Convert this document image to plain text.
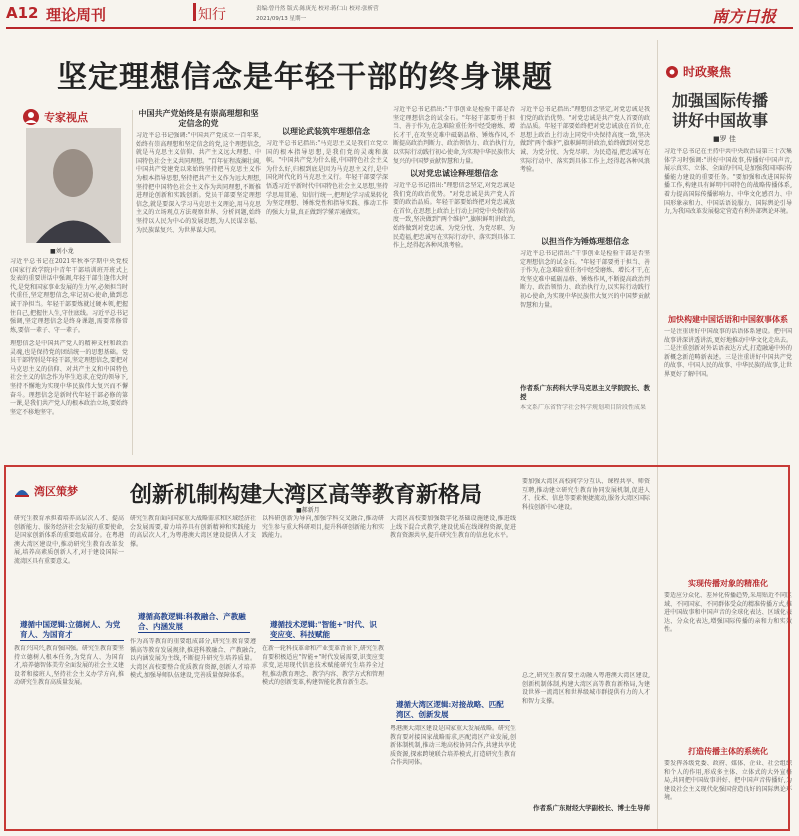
A12 理论周刊	知行	责编:曾丹然 版式:陈庚光 校对:蒋仁山 校对:张析营
2021/09/13 星期一	南方日报
坚定理想信念是年轻干部的终身课题
专家视点
■刘小龙
习近平总书记在2021年秋季学期中央党校(国家行政学院)中青年干部培训班开班式上发表的重要讲话中强调,年轻干部生逢伟大时代,是党和国家事业发展的生力军,必须担当时代重任,坚定理想信念,牢记初心使命,做到忠诚干净担当。年轻干部要炼就过硬本领,把握住自己,把握住人生,守住底线。习近平总书记强调,坚定理想信念是终身课题,需要常修常炼,要信一辈子、守一辈子。
理想信念是中国共产党人的精神支柱和政治灵魂,也是保持党的团结统一的思想基础。党员干部特别是年轻干部,坚定理想信念,要把对马克思主义的信仰、对共产主义和中国特色社会主义的信念作为毕生追求,在党的领导下,坚持不懈地为实现中华民族伟大复兴而不懈奋斗。理想信念是新时代年轻干部必修的第一课,是我们共产党人的根本政治立场,要始终坚定不移地坚守。
中国共产党始终是有崇高理想和坚定信念的党
习近平总书记强调:"中国共产党成立一百年来,始终有崇高理想和坚定信念的党,这个理想信念,就是马克思主义信仰、共产主义远大理想、中国特色社会主义共同理想。"百年征程波澜壮阔,中国共产党建党以来始终坚持把马克思主义作为根本指导思想,坚持把共产主义作为远大理想,坚持把中国特色社会主义作为共同理想,不断推进理论创新和实践创新。党员干部要坚定理想信念,就是要深入学习马克思主义理论,用马克思主义的立场观点方法观察世界、分析问题,始终坚持以人民为中心的发展思想,为人民谋幸福、为民族谋复兴、为世界谋大同。
以理论武装筑牢理想信念
习近平总书记指出:"马克思主义是我们立党立国的根本指导思想,是我们党的灵魂和旗帜。"中国共产党为什么能,中国特色社会主义为什么好,归根到底是因为马克思主义行,是中国化时代化的马克思主义行。年轻干部要学深悟透习近平新时代中国特色社会主义思想,坚持学思用贯通、知信行统一,把理论学习成果转化为坚定理想、锤炼党性和指导实践、推动工作的强大力量,真正做到学懂弄通做实。
以对党忠诚诠释理想信念
习近平总书记指出:"干事创业是检验干部是否坚定理想信念的试金石。"年轻干部要勇于担当、善于作为,在急难险重任务中经受磨炼、增长才干,在攻坚克难中砥砺品格、锤炼作风,不断提高政治判断力、政治领悟力、政治执行力,以实际行动践行初心使命,为实现中华民族伟大复兴的中国梦贡献智慧和力量。
习近平总书记指出:"理想信念坚定,对党忠诚是我们党的政治优势。"对党忠诚是共产党人首要的政治品质。年轻干部要始终把对党忠诚放在首位,在思想上政治上行动上同党中央保持高度一致,坚决做到"两个维护",旗帜鲜明讲政治,始终做到对党忠诚、为党分忧、为党尽职、为民造福,把忠诚写在实际行动中、落实到具体工作上,经得起各种风浪考验。	以担当作为锤炼理想信念
习近平总书记指出:"理想信念坚定,对党忠诚是我们党的政治优势。"对党忠诚是共产党人首要的政治品质。年轻干部要始终把对党忠诚放在首位,在思想上政治上行动上同党中央保持高度一致,坚决做到"两个维护",旗帜鲜明讲政治,始终做到对党忠诚、为党分忧、为党尽职、为民造福,把忠诚写在实际行动中、落实到具体工作上,经得起各种风浪考验。
习近平总书记指出:"干事创业是检验干部是否坚定理想信念的试金石。"年轻干部要勇于担当、善于作为,在急难险重任务中经受磨炼、增长才干,在攻坚克难中砥砺品格、锤炼作风,不断提高政治判断力、政治领悟力、政治执行力,以实际行动践行初心使命,为实现中华民族伟大复兴的中国梦贡献智慧和力量。
作者系广东药科大学马克思主义学院院长、教授
本文系广东省哲学社会科学规划项目阶段性成果
时政聚焦
加强国际传播
讲好中国故事
■罗 佳
习近平总书记在主持中共中央政治局第三十次集体学习时强调:"讲好中国故事,传播好中国声音,展示真实、立体、全面的中国,是加强我国国际传播能力建设的重要任务。"要加强和改进国际传播工作,构建具有鲜明中国特色的战略传播体系,着力提高国际传播影响力、中华文化感召力、中国形象亲和力、中国话语说服力、国际舆论引导力,为我国改革发展稳定营造有利外部舆论环境。
加快构建中国话语和中国叙事体系
一是注重讲好中国故事的话语体系建设。把中国故事讲深讲透讲活,更好地推动中华文化走出去。二是注重创新对外话语表达方式,打造融通中外的新概念新范畴新表述。三是注重讲好中国共产党的故事、中国人民的故事、中华民族的故事,让世界更好了解中国。
实现传播对象的精准化
要适应分众化、差异化传播趋势,采用贴近不同区域、不同国家、不同群体受众的精准传播方式,推进中国故事和中国声音的全球化表达、区域化表达、分众化表达,增强国际传播的亲和力和实效性。
打造传播主体的系统化
要发挥各级党委、政府、媒体、企业、社会组织和个人的作用,形成多主体、立体式的大外宣格局,共同把中国故事讲好、把中国声音传播好,为建设社会主义现代化强国营造良好的国际舆论环境。
湾区策梦 创新机制构建大湾区高等教育新格局
■郝新月
研究生教育承担着培养高层次人才、提高创新能力、服务经济社会发展的重要使命,是国家创新体系的重要组成部分。在粤港澳大湾区建设中,推动研究生教育改革发展,培养高素质创新人才,对于建设国际一流湾区具有重要意义。
遵循中国逻辑:立德树人、为党育人、为国育才
教育兴国兴,教育强国强。研究生教育要坚持立德树人根本任务,为党育人、为国育才,培养德智体美劳全面发展的社会主义建设者和接班人,坚持社会主义办学方向,推动研究生教育高质量发展。
研究生教育面向国家重大战略需求和区域经济社会发展需要,着力培养具有创新精神和实践能力的高层次人才,为粤港澳大湾区建设提供人才支撑。
遵循高教逻辑:科教融合、产教融合、内涵发展
作为高等教育的重要组成部分,研究生教育要遵循高等教育发展规律,推进科教融合、产教融合,以内涵发展为主线,不断提升研究生培养质量。大湾区高校要整合优质教育资源,创新人才培养模式,加强导师队伍建设,完善质量保障体系。
以科研创新为导向,加强学科交叉融合,推动研究生参与重大科研项目,提升科研创新能力和实践能力。
遵循技术逻辑:"智能+"时代、识变应变、科技赋能
在新一轮科技革命和产业变革背景下,研究生教育要积极适应"智能+"时代发展需要,识变应变求变,运用现代信息技术赋能研究生培养全过程,推动教育理念、教学内容、教学方式和管理模式的创新变革,构建智能化教育新生态。
大湾区高校要加强数字化基础设施建设,推进线上线下混合式教学,建设优质在线课程资源,促进教育资源共享,提升研究生教育的信息化水平。
遵循大湾区逻辑:对接战略、匹配湾区、创新发展
粤港澳大湾区建设是国家重大发展战略。研究生教育要对接国家战略需求,匹配湾区产业发展,创新体制机制,推动三地高校协同合作,共建共享优质资源,探索跨境联合培养模式,打造研究生教育合作共同体。
要加强大湾区高校间学分互认、课程共享、师资互聘,推动建立研究生教育协同发展机制,促进人才、技术、信息等要素便捷流动,服务大湾区国际科技创新中心建设。
总之,研究生教育要主动融入粤港澳大湾区建设,创新机制体制,构建大湾区高等教育新格局,为建设世界一流湾区和世界级城市群提供有力的人才和智力支撑。
作者系广东财经大学副校长、博士生导师
